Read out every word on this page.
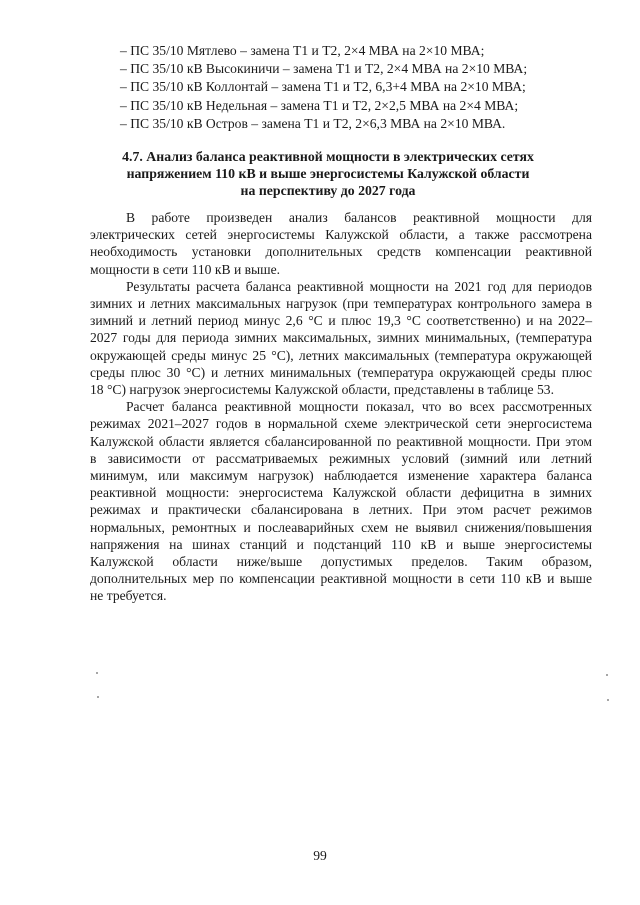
– ПС 35/10 Мятлево – замена Т1 и Т2, 2×4 МВА на 2×10 МВА;
– ПС 35/10 кВ Высокиничи – замена Т1 и Т2, 2×4 МВА на 2×10 МВА;
– ПС 35/10 кВ Коллонтай – замена Т1 и Т2, 6,3+4 МВА на 2×10 МВА;
– ПС 35/10 кВ Недельная – замена Т1 и Т2, 2×2,5 МВА на 2×4 МВА;
– ПС 35/10 кВ Остров – замена Т1 и Т2, 2×6,3 МВА на 2×10 МВА.
4.7. Анализ баланса реактивной мощности в электрических сетях
напряжением 110 кВ и выше энергосистемы Калужской области
на перспективу до 2027 года

В работе произведен анализ балансов реактивной мощности для
электрических сетей энергосистемы Калужской области, а также рассмотрена
необходимость установки дополнительных средств компенсации реактивной
мощности в сети 110 кВ и выше.

Результаты расчета баланса реактивной мощности на 2021 год для периодов
зимних и летних максимальных нагрузок (при температурах контрольного замера в
зимний и летний период минус 2,6 °C и плюс 19,3 °C соответственно) и на 2022–
2027 годы для периода зимних максимальных, зимних минимальных, (температура
окружающей среды минус 25 °C), летних максимальных (температура окружающей
среды плюс 30 °C) и летних минимальных (температура окружающей среды плюс
18 °C) нагрузок энергосистемы Калужской области, представлены в таблице 53.

Расчет баланса реактивной мощности показал, что во всех рассмотренных
режимах 2021–2027 годов в нормальной схеме электрической сети энергосистема
Калужской области является сбалансированной по реактивной мощности. При этом
в зависимости от рассматриваемых режимных условий (зимний или летний
минимум, или максимум нагрузок) наблюдается изменение характера баланса
реактивной мощности: энергосистема Калужской области дефицитна в зимних
режимах и практически сбалансирована в летних. При этом расчет режимов
нормальных, ремонтных и послеаварийных схем не выявил снижения/повышения
напряжения на шинах станций и подстанций 110 кВ и выше энергосистемы
Калужской области ниже/выше допустимых пределов. Таким образом,
дополнительных мер по компенсации реактивной мощности в сети 110 кВ и выше
не требуется.

99
